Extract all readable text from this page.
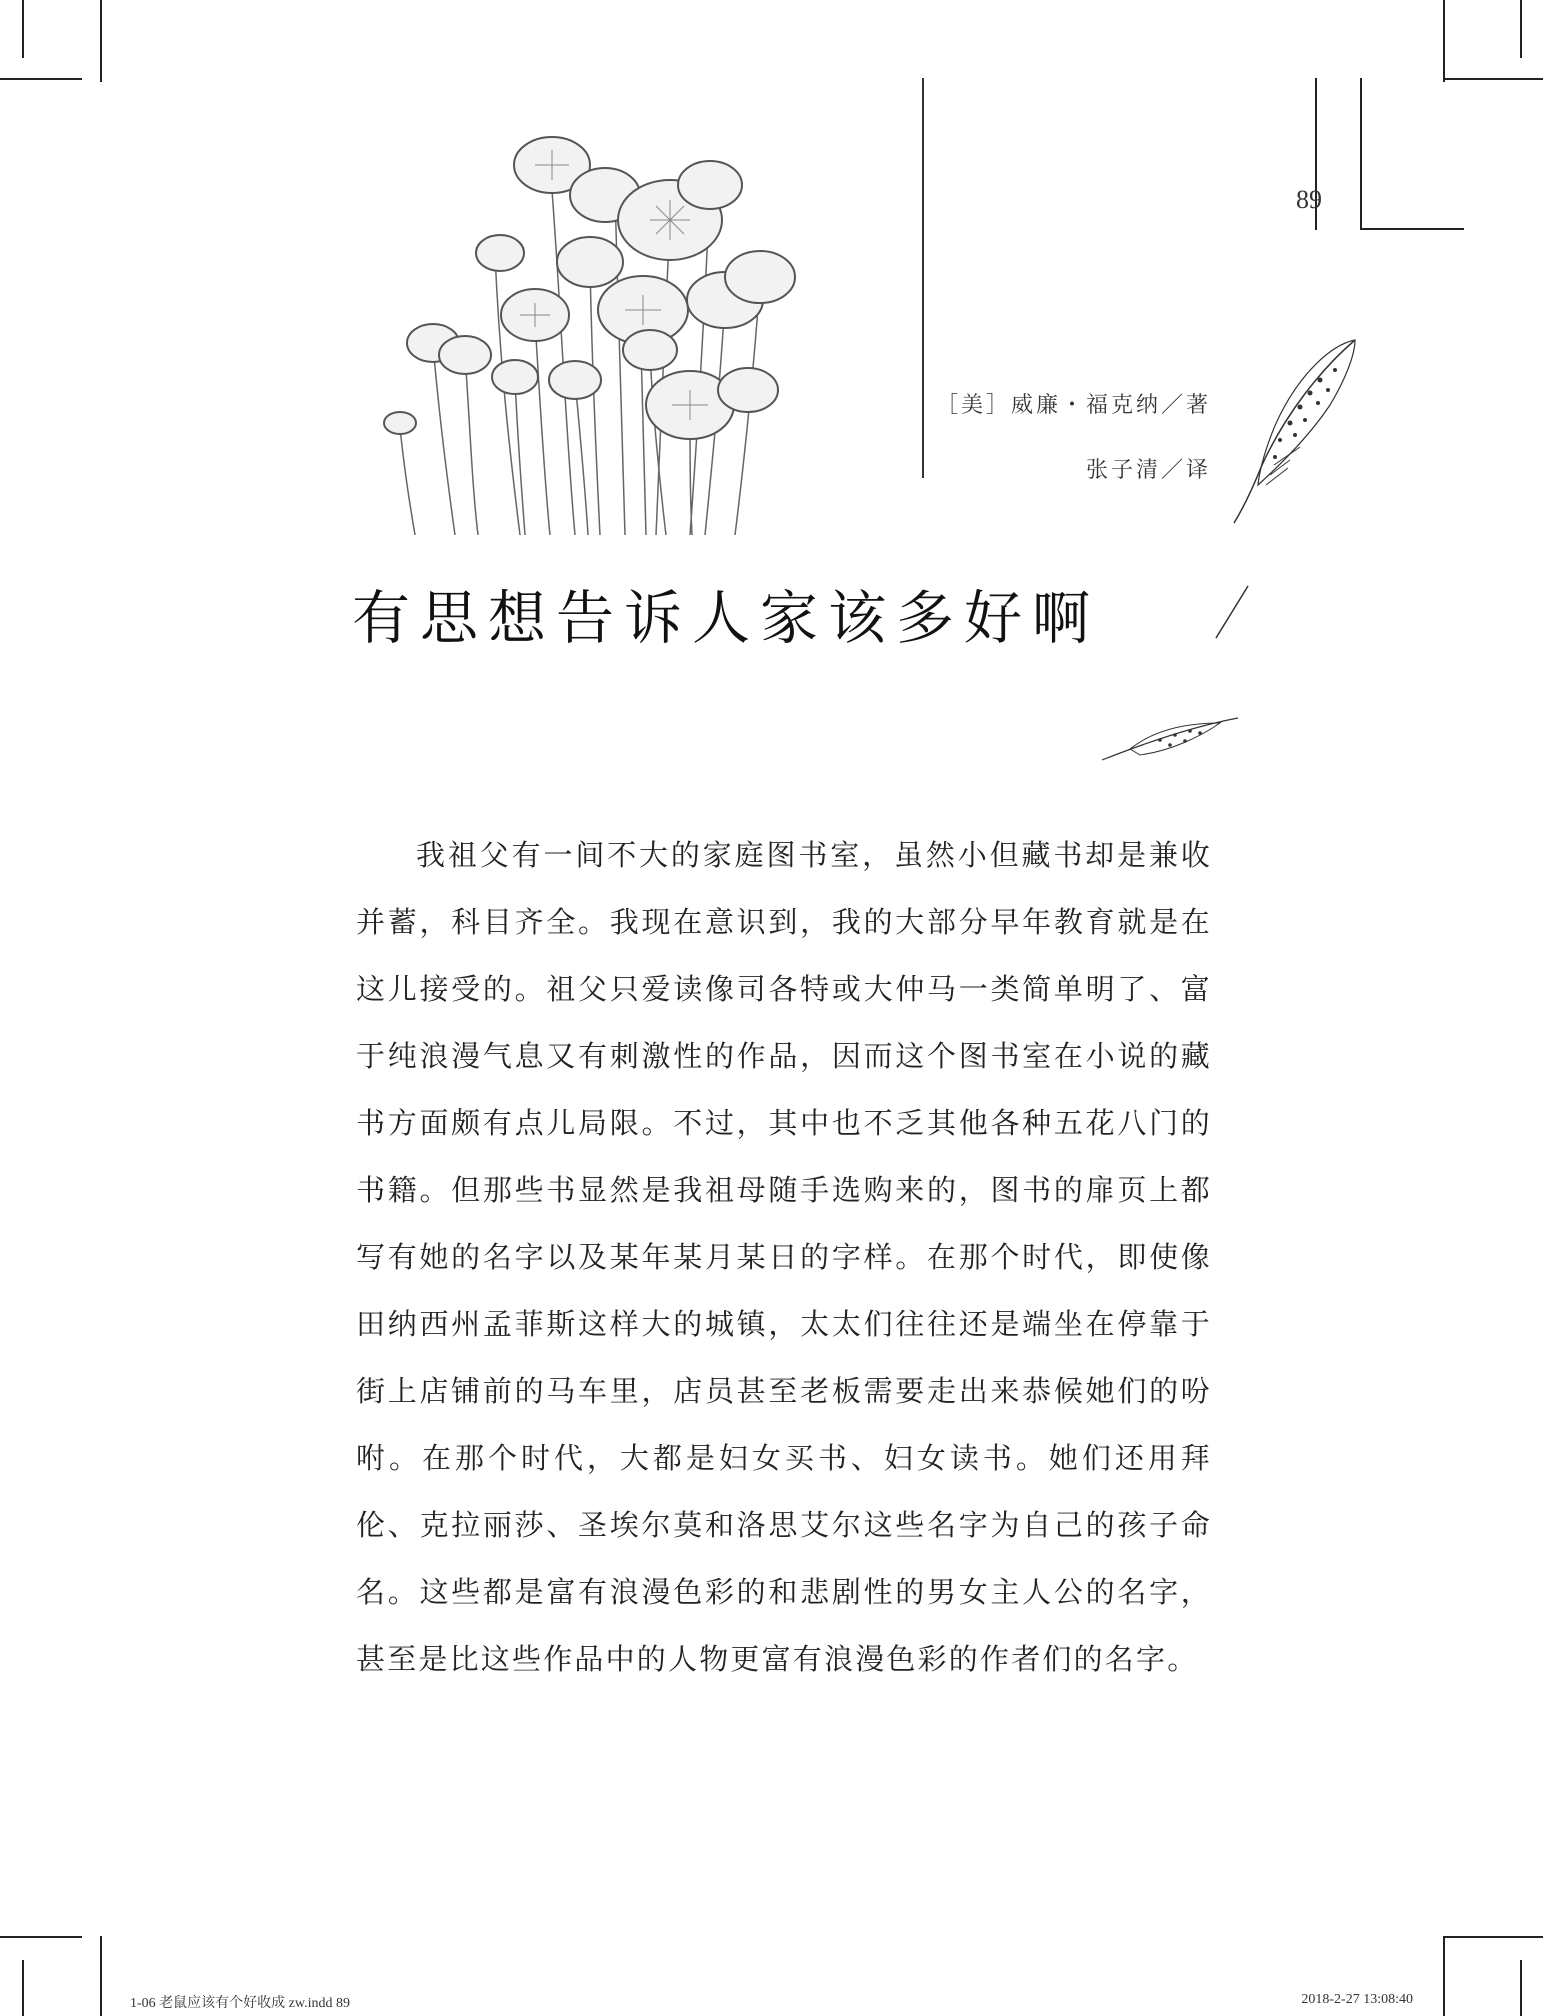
89
［美］威廉・福克纳／著
张子清／译
有思想告诉人家该多好啊

我祖父有一间不大的家庭图书室，虽然小但藏书却是兼收并蓄，科目齐全。我现在意识到，我的大部分早年教育就是在这儿接受的。祖父只爱读像司各特或大仲马一类简单明了、富于纯浪漫气息又有刺激性的作品，因而这个图书室在小说的藏书方面颇有点儿局限。不过，其中也不乏其他各种五花八门的书籍。但那些书显然是我祖母随手选购来的，图书的扉页上都写有她的名字以及某年某月某日的字样。在那个时代，即使像田纳西州孟菲斯这样大的城镇，太太们往往还是端坐在停靠于街上店铺前的马车里，店员甚至老板需要走出来恭候她们的吩咐。在那个时代，大都是妇女买书、妇女读书。她们还用拜伦、克拉丽莎、圣埃尔莫和洛思艾尔这些名字为自己的孩子命名。这些都是富有浪漫色彩的和悲剧性的男女主人公的名字，甚至是比这些作品中的人物更富有浪漫色彩的作者们的名字。

1-06 老鼠应该有个好收成 zw.indd 89	2018-2-27 13:08:40
